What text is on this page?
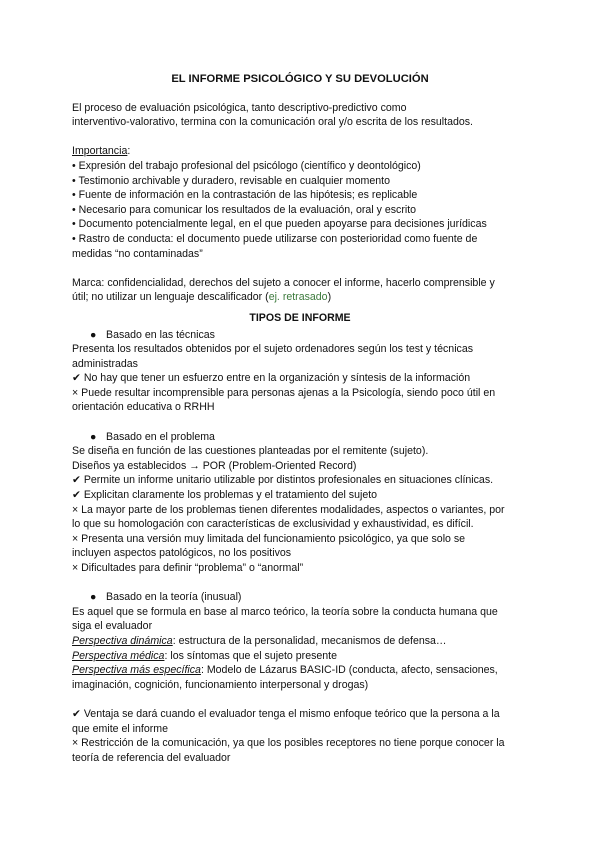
EL INFORME PSICOLÓGICO Y SU DEVOLUCIÓN

El proceso de evaluación psicológica, tanto descriptivo-predictivo como

interventivo-valorativo, termina con la comunicación oral y/o escrita de los resultados.

Importancia:

• Expresión del trabajo profesional del psicólogo (científico y deontológico)

• Testimonio archivable y duradero, revisable en cualquier momento

• Fuente de información en la contrastación de las hipótesis; es replicable

• Necesario para comunicar los resultados de la evaluación, oral y escrito

• Documento potencialmente legal, en el que pueden apoyarse para decisiones jurídicas

• Rastro de conducta: el documento puede utilizarse con posterioridad como fuente de

medidas “no contaminadas”

Marca: confidencialidad, derechos del sujeto a conocer el informe, hacerlo comprensible y

útil; no utilizar un lenguaje descalificador (ej. retrasado)

TIPOS DE INFORME

● Basado en las técnicas

Presenta los resultados obtenidos por el sujeto ordenadores según los test y técnicas

administradas

✔ No hay que tener un esfuerzo entre en la organización y síntesis de la información

× Puede resultar incomprensible para personas ajenas a la Psicología, siendo poco útil en

orientación educativa o RRHH

● Basado en el problema

Se diseña en función de las cuestiones planteadas por el remitente (sujeto).

Diseños ya establecidos → POR (Problem-Oriented Record)

✔ Permite un informe unitario utilizable por distintos profesionales en situaciones clínicas.

✔ Explicitan claramente los problemas y el tratamiento del sujeto

× La mayor parte de los problemas tienen diferentes modalidades, aspectos o variantes, por

lo que su homologación con características de exclusividad y exhaustividad, es difícil.

× Presenta una versión muy limitada del funcionamiento psicológico, ya que solo se

incluyen aspectos patológicos, no los positivos

× Dificultades para definir “problema” o “anormal”

● Basado en la teoría (inusual)

Es aquel que se formula en base al marco teórico, la teoría sobre la conducta humana que

siga el evaluador

Perspectiva dinámica: estructura de la personalidad, mecanismos de defensa…

Perspectiva médica: los síntomas que el sujeto presente

Perspectiva más específica: Modelo de Lázarus BASIC-ID (conducta, afecto, sensaciones,

imaginación, cognición, funcionamiento interpersonal y drogas)

✔ Ventaja se dará cuando el evaluador tenga el mismo enfoque teórico que la persona a la

que emite el informe

× Restricción de la comunicación, ya que los posibles receptores no tiene porque conocer la

teoría de referencia del evaluador
